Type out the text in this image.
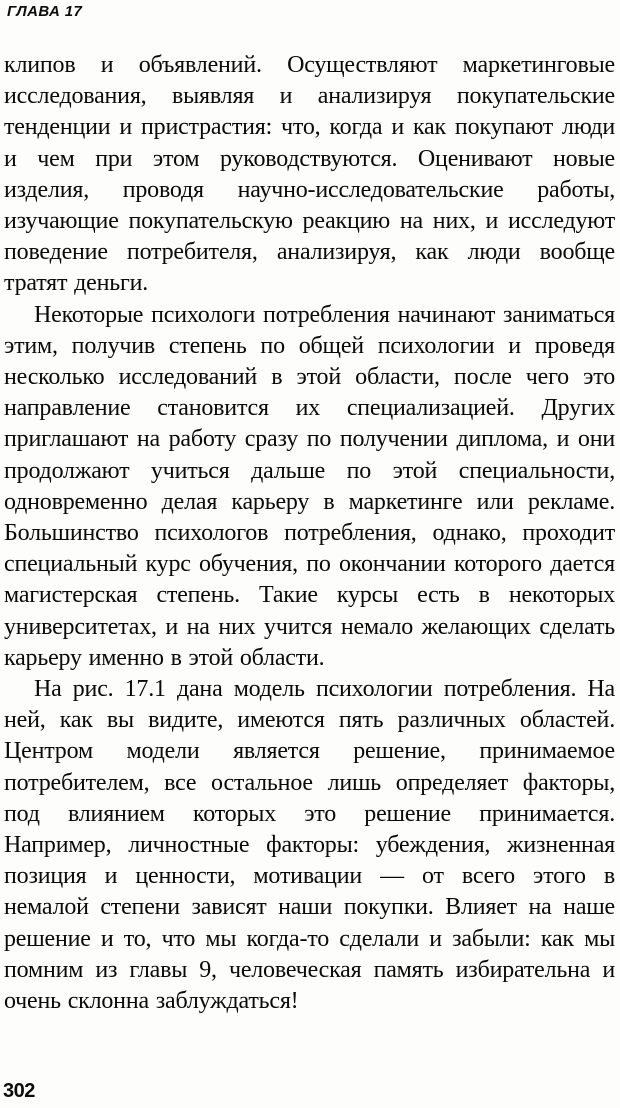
ГЛАВА 17

клипов и объявлений. Осуществляют маркетинговые исследования, выявляя и анализируя покупательские тенденции и пристрастия: что, когда и как покупают люди и чем при этом руководствуются. Оценивают новые изделия, проводя научно-исследовательские работы, изучающие покупательскую реакцию на них, и исследуют поведение потребителя, анализируя, как люди вообще тратят деньги.

Некоторые психологи потребления начинают заниматься этим, получив степень по общей психологии и проведя несколько исследований в этой области, после чего это направление становится их специализацией. Других приглашают на работу сразу по получении диплома, и они продолжают учиться дальше по этой специальности, одновременно делая карьеру в маркетинге или рекламе. Большинство психологов потребления, однако, проходит специальный курс обучения, по окончании которого дается магистерская степень. Такие курсы есть в некоторых университетах, и на них учится немало желающих сделать карьеру именно в этой области.

На рис. 17.1 дана модель психологии потребления. На ней, как вы видите, имеются пять различных областей. Центром модели является решение, принимаемое потребителем, все остальное лишь определяет факторы, под влиянием которых это решение принимается. Например, личностные факторы: убеждения, жизненная позиция и ценности, мотивации — от всего этого в немалой степени зависят наши покупки. Влияет на наше решение и то, что мы когда-то сделали и забыли: как мы помним из главы 9, человеческая память избирательна и очень склонна заблуждаться!

302
